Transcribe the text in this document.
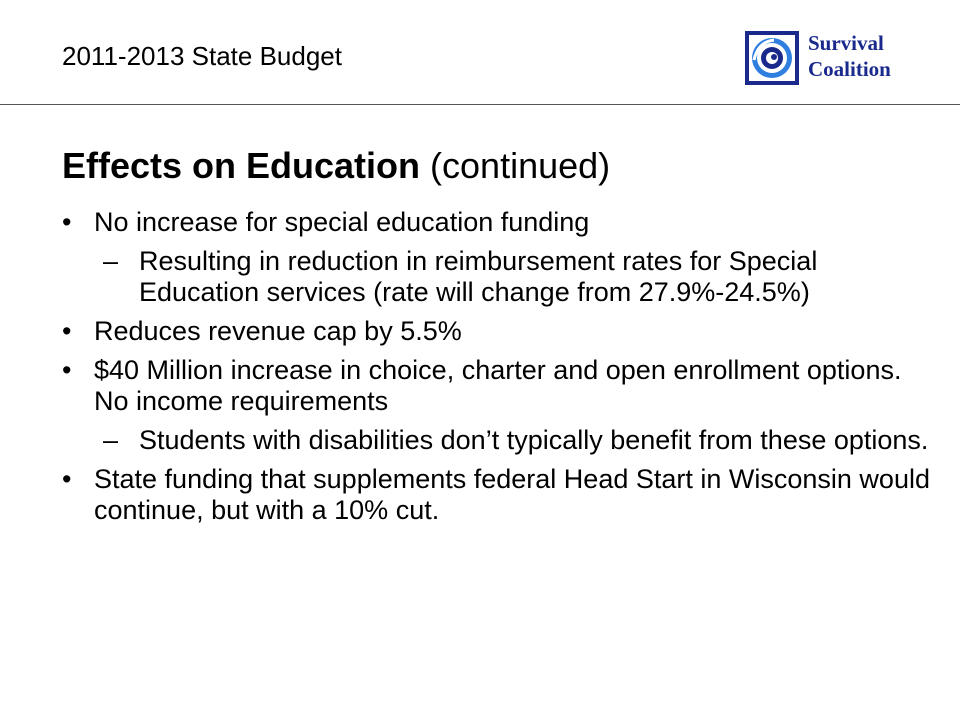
2011-2013 State Budget	Survival
Coalition
Effects on Education (continued)
• No increase for special education funding
– Resulting in reduction in reimbursement rates for Special Education services (rate will change from 27.9%-24.5%)
• Reduces revenue cap by 5.5%
• $40 Million increase in choice, charter and open enrollment options. No income requirements
– Students with disabilities don’t typically benefit from these options.
• State funding that supplements federal Head Start in Wisconsin would continue, but with a 10% cut.
